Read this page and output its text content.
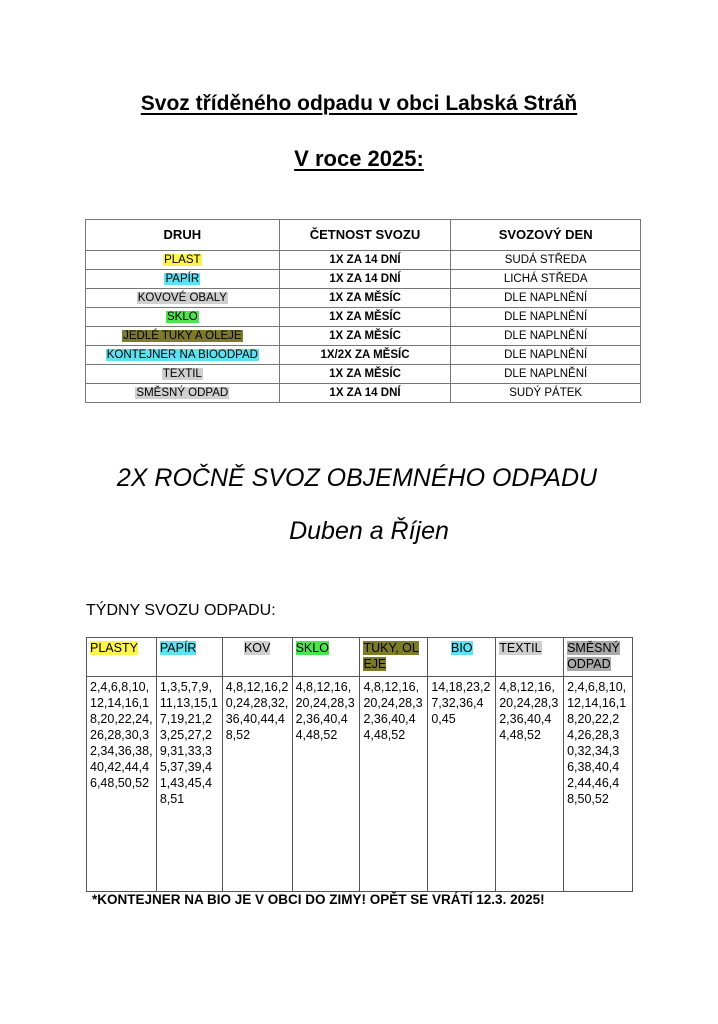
Svoz tříděného odpadu v obci Labská Stráň
V roce 2025:
DRUH	ČETNOST SVOZU	SVOZOVÝ DEN
PLAST	1X ZA 14 DNÍ	SUDÁ STŘEDA
PAPÍR	1X ZA 14 DNÍ	LICHÁ STŘEDA
KOVOVÉ OBALY	1X ZA MĚSÍC	DLE NAPLNĚNÍ
SKLO	1X ZA MĚSÍC	DLE NAPLNĚNÍ
JEDLÉ TUKY A OLEJE	1X ZA MĚSÍC	DLE NAPLNĚNÍ
KONTEJNER NA BIOODPAD	1X/2X ZA MĚSÍC	DLE NAPLNĚNÍ
TEXTIL	1X ZA MĚSÍC	DLE NAPLNĚNÍ
SMĚSNÝ ODPAD	1X ZA 14 DNÍ	SUDÝ PÁTEK
2X ROČNĚ SVOZ OBJEMNÉHO ODPADU
Duben a Říjen
TÝDNY SVOZU ODPADU:
PLASTY	PAPÍR	KOV	SKLO	TUKY, OLEJE	BIO	TEXTIL	SMĚSNÝ ODPAD
2,4,6,8,10,12,14,16,18,20,22,24,26,28,30,32,34,36,38,40,42,44,46,48,50,52	1,3,5,7,9,11,13,15,17,19,21,23,25,27,29,31,33,35,37,39,41,43,45,48,51	4,8,12,16,20,24,28,32,36,40,44,48,52	4,8,12,16,20,24,28,32,36,40,44,48,52	4,8,12,16,20,24,28,32,36,40,44,48,52	14,18,23,27,32,36,40,45	4,8,12,16,20,24,28,32,36,40,44,48,52	2,4,6,8,10,12,14,16,18,20,22,24,26,28,30,32,34,36,38,40,42,44,46,48,50,52
*KONTEJNER NA BIO JE V OBCI DO ZIMY! OPĚT SE VRÁTÍ 12.3. 2025!
